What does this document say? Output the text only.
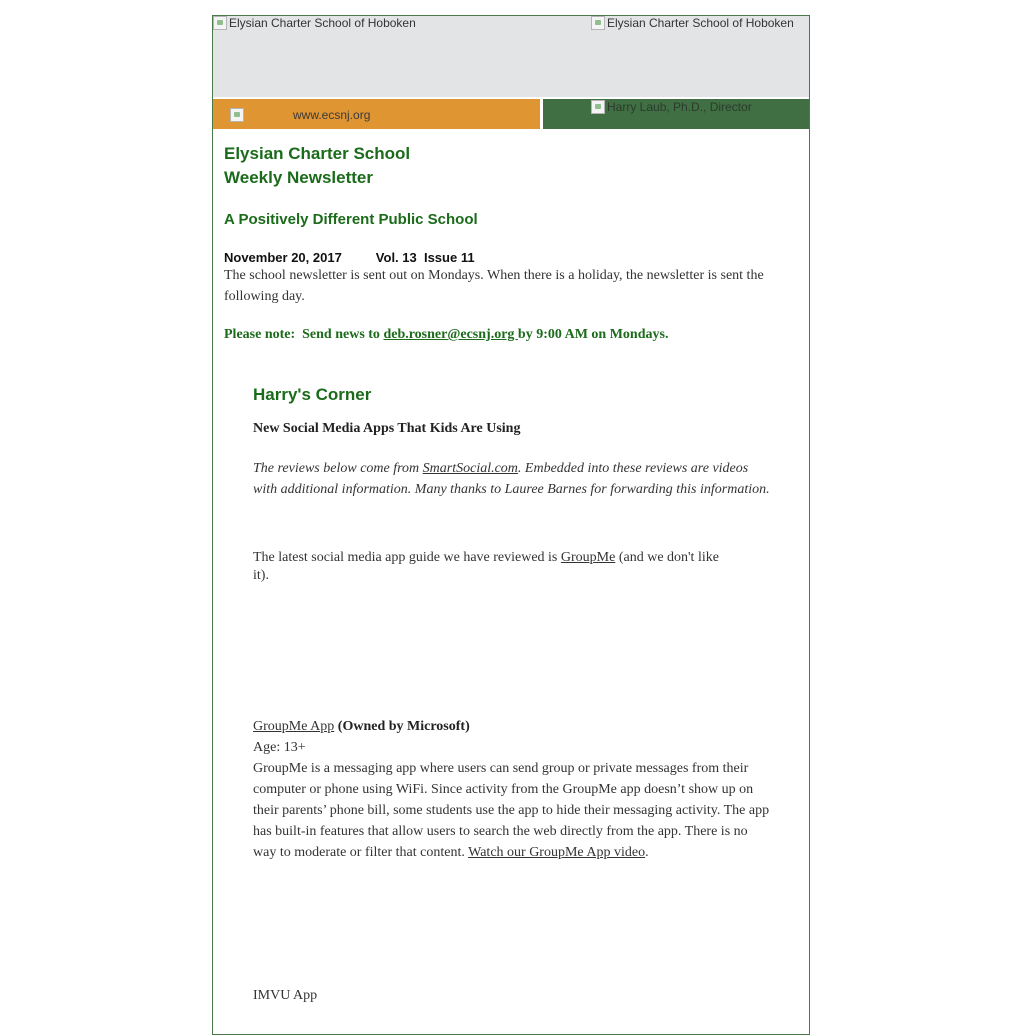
Elysian Charter School of Hoboken	Elysian Charter School of Hoboken
www.ecsnj.org
Harry Laub, Ph.D., Director

Elysian Charter School

Weekly Newsletter

A Positively Different Public School

November 20, 2017	Vol. 13  Issue 11
The school newsletter is sent out on Mondays. When there is a holiday, the newsletter is sent the following day.
Please note:  Send news to deb.rosner@ecsnj.org by 9:00 AM on Mondays.
Harry's Corner
New Social Media Apps That Kids Are Using
The reviews below come from SmartSocial.com. Embedded into these reviews are videos with additional information. Many thanks to Lauree Barnes for forwarding this information.
The latest social media app guide we have reviewed is GroupMe (and we don't like it).
GroupMe App (Owned by Microsoft)
Age: 13+
GroupMe is a messaging app where users can send group or private messages from their computer or phone using WiFi. Since activity from the GroupMe app doesn’t show up on their parents’ phone bill, some students use the app to hide their messaging activity. The app has built-in features that allow users to search the web directly from the app. There is no way to moderate or filter that content. Watch our GroupMe App video.
IMVU App
